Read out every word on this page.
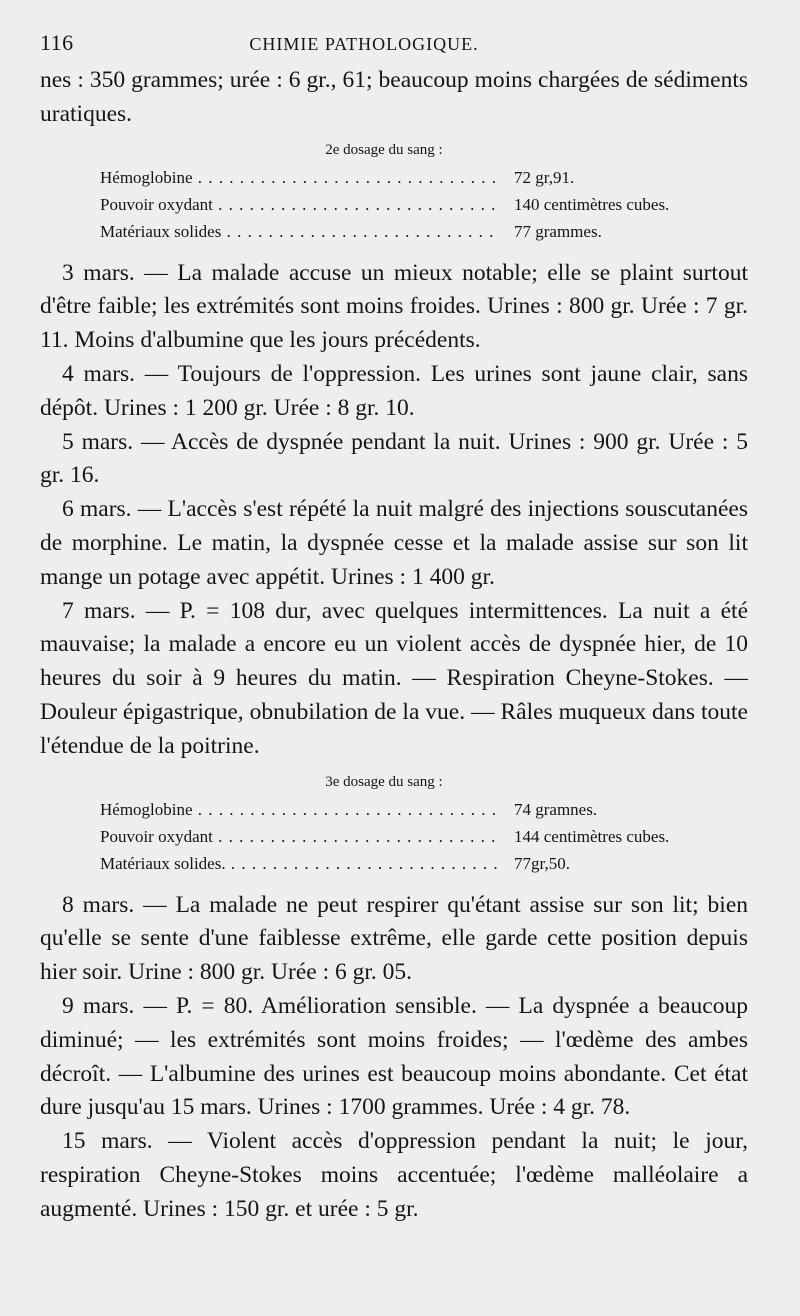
116	CHIMIE PATHOLOGIQUE.

nes : 350 grammes; urée : 6 gr., 61; beaucoup moins chargées de sédiments uratiques.

2e dosage du sang :
Hémoglobine . . .	72 gr,91.
Pouvoir oxydant . . .	140 centimètres cubes.
Matériaux solides . . .	77 grammes.

3 mars. — La malade accuse un mieux notable; elle se plaint surtout d'être faible; les extrémités sont moins froides. Urines : 800 gr. Urée : 7 gr. 11. Moins d'albumine que les jours précédents.

4 mars. — Toujours de l'oppression. Les urines sont jaune clair, sans dépôt. Urines : 1 200 gr. Urée : 8 gr. 10.

5 mars. — Accès de dyspnée pendant la nuit. Urines : 900 gr. Urée : 5 gr. 16.

6 mars. — L'accès s'est répété la nuit malgré des injections souscutanées de morphine. Le matin, la dyspnée cesse et la malade assise sur son lit mange un potage avec appétit. Urines : 1 400 gr.

7 mars. — P. = 108 dur, avec quelques intermittences. La nuit a été mauvaise; la malade a encore eu un violent accès de dyspnée hier, de 10 heures du soir à 9 heures du matin. — Respiration Cheyne-Stokes. — Douleur épigastrique, obnubilation de la vue. — Râles muqueux dans toute l'étendue de la poitrine.

3e dosage du sang :
Hémoglobine . . .	74 gramnes.
Pouvoir oxydant . . .	144 centimètres cubes.
Matériaux solides. . . .	77gr,50.

8 mars. — La malade ne peut respirer qu'étant assise sur son lit; bien qu'elle se sente d'une faiblesse extrême, elle garde cette position depuis hier soir. Urine : 800 gr. Urée : 6 gr. 05.

9 mars. — P. = 80. Amélioration sensible. — La dyspnée a beaucoup diminué; — les extrémités sont moins froides; — l'œdème des ambes décroît. — L'albumine des urines est beaucoup moins abondante. Cet état dure jusqu'au 15 mars. Urines : 1700 grammes. Urée : 4 gr. 78.

15 mars. — Violent accès d'oppression pendant la nuit; le jour, respiration Cheyne-Stokes moins accentuée; l'œdème malléolaire a augmenté. Urines : 150 gr. et urée : 5 gr.
